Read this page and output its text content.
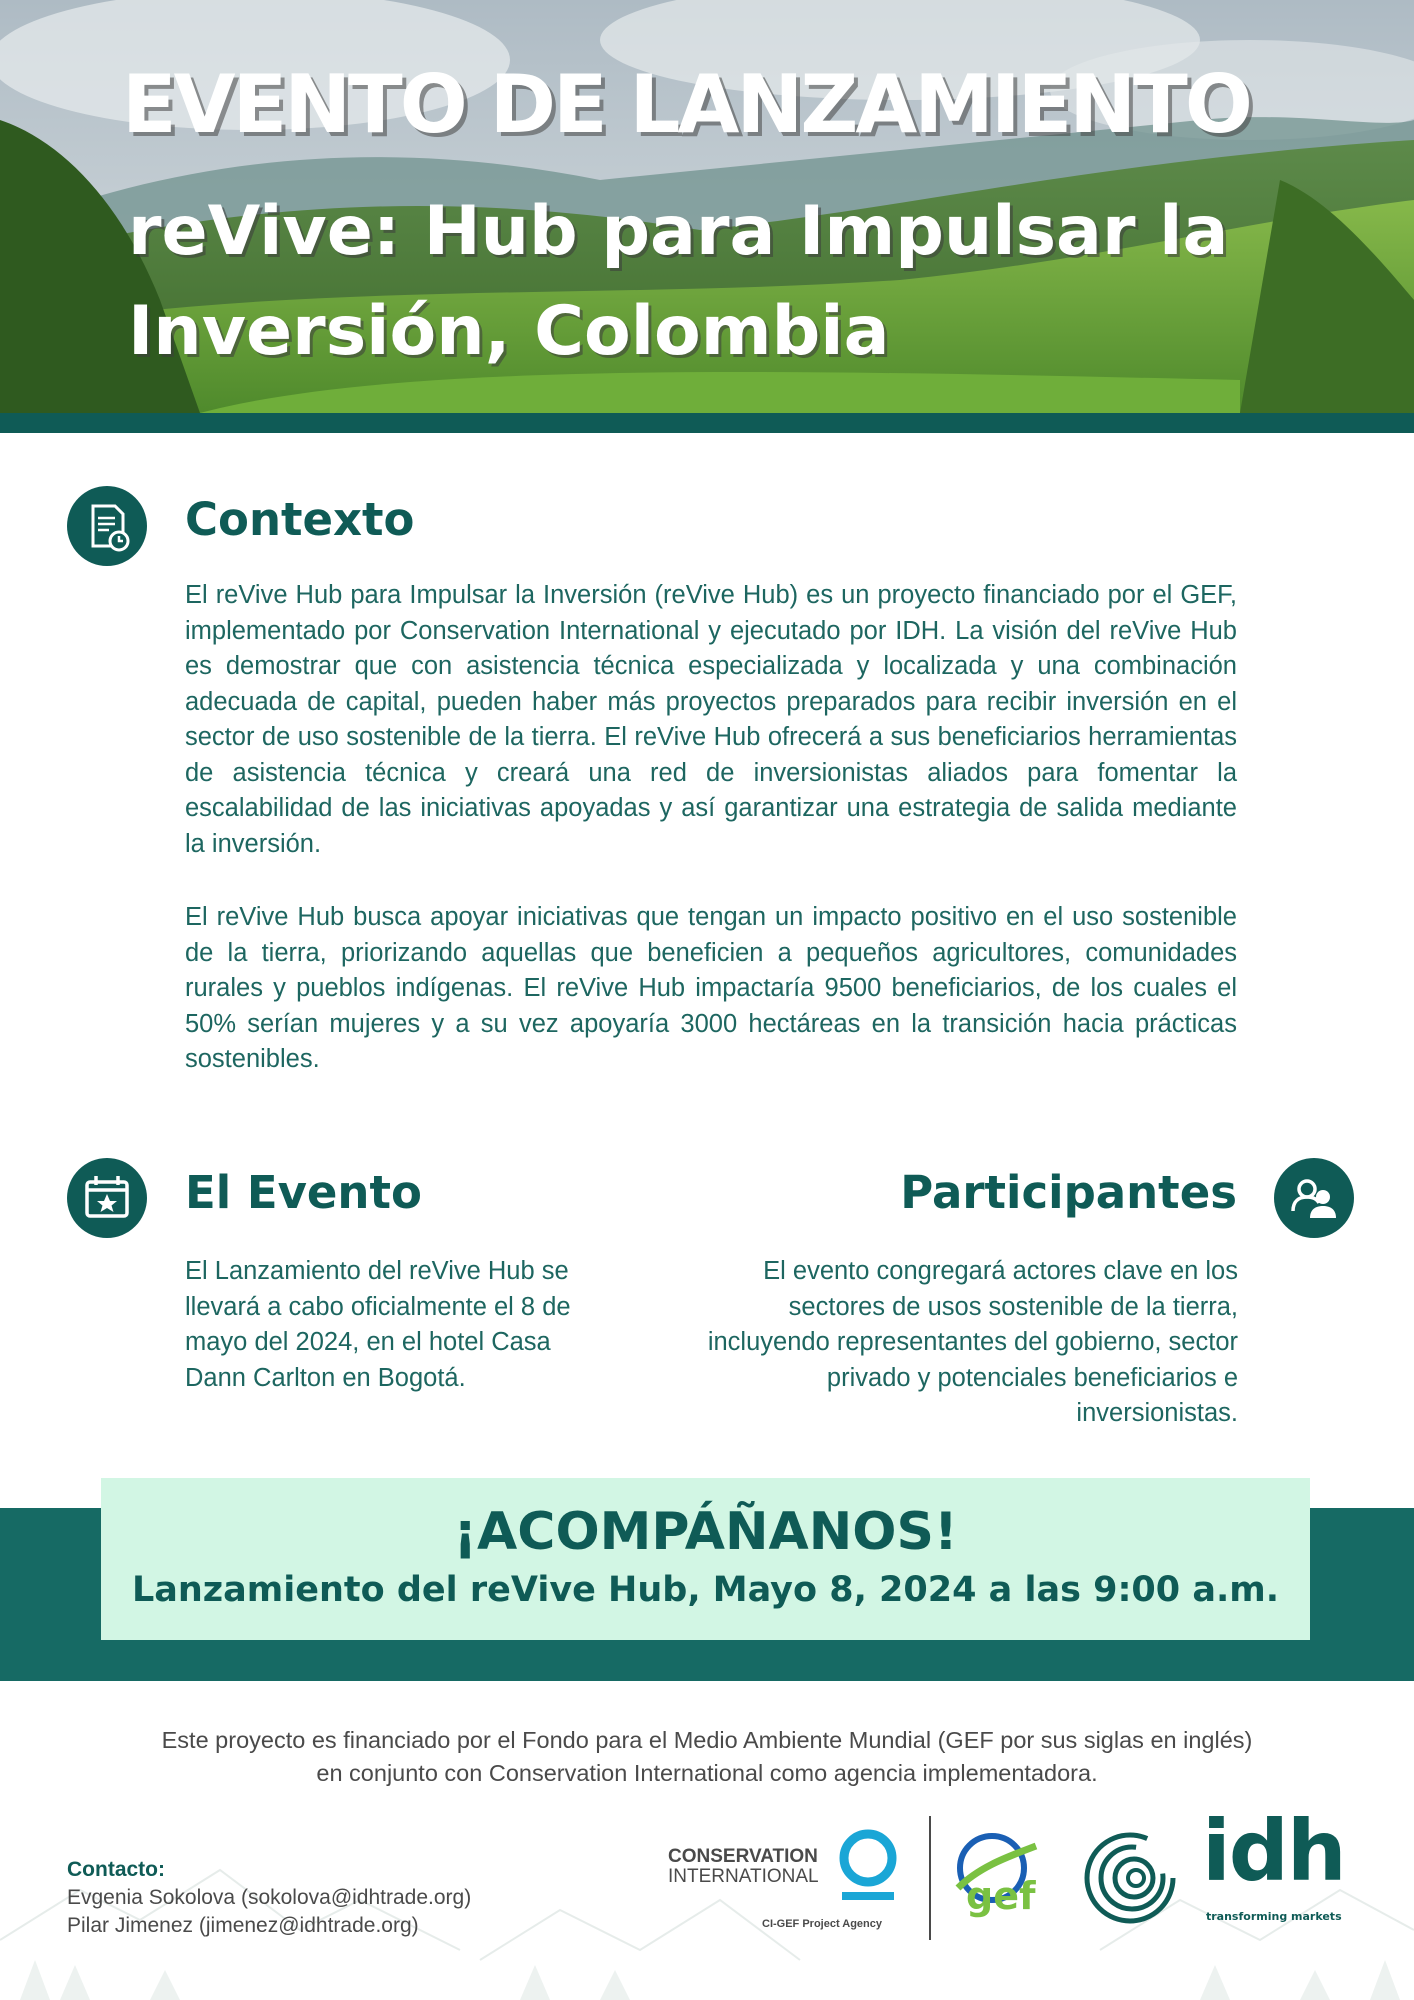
EVENTO DE LANZAMIENTO
reVive: Hub para Impulsar la Inversión, Colombia
Contexto
El reVive Hub para Impulsar la Inversión (reVive Hub) es un proyecto financiado por el GEF, implementado por Conservation International y ejecutado por IDH. La visión del reVive Hub es demostrar que con asistencia técnica especializada y localizada y una combinación adecuada de capital, pueden haber más proyectos preparados para recibir inversión en el sector de uso sostenible de la tierra. El reVive Hub ofrecerá a sus beneficiarios herramientas de asistencia técnica y creará una red de inversionistas aliados para fomentar la escalabilidad de las iniciativas apoyadas y así garantizar una estrategia de salida mediante la inversión.
El reVive Hub busca apoyar iniciativas que tengan un impacto positivo en el uso sostenible de la tierra, priorizando aquellas que beneficien a pequeños agricultores, comunidades rurales y pueblos indígenas. El reVive Hub impactaría 9500 beneficiarios, de los cuales el 50% serían mujeres y a su vez apoyaría 3000 hectáreas en la transición hacia prácticas sostenibles.
El Evento
El Lanzamiento del reVive Hub se llevará a cabo oficialmente el 8 de mayo del 2024, en el hotel Casa Dann Carlton en Bogotá.
Participantes
El evento congregará actores clave en los sectores de usos sostenible de la tierra, incluyendo representantes del gobierno, sector privado y potenciales beneficiarios e inversionistas.
¡ACOMPÁÑANOS!
Lanzamiento del reVive Hub, Mayo 8, 2024 a las 9:00 a.m.
Este proyecto es financiado por el Fondo para el Medio Ambiente Mundial (GEF por sus siglas en inglés)
en conjunto con Conservation International como agencia implementadora.
Contacto:
Evgenia Sokolova (sokolova@idhtrade.org)
Pilar Jimenez (jimenez@idhtrade.org)
CONSERVATION
INTERNATIONAL
CI-GEF Project Agency
gef idh
transforming markets
